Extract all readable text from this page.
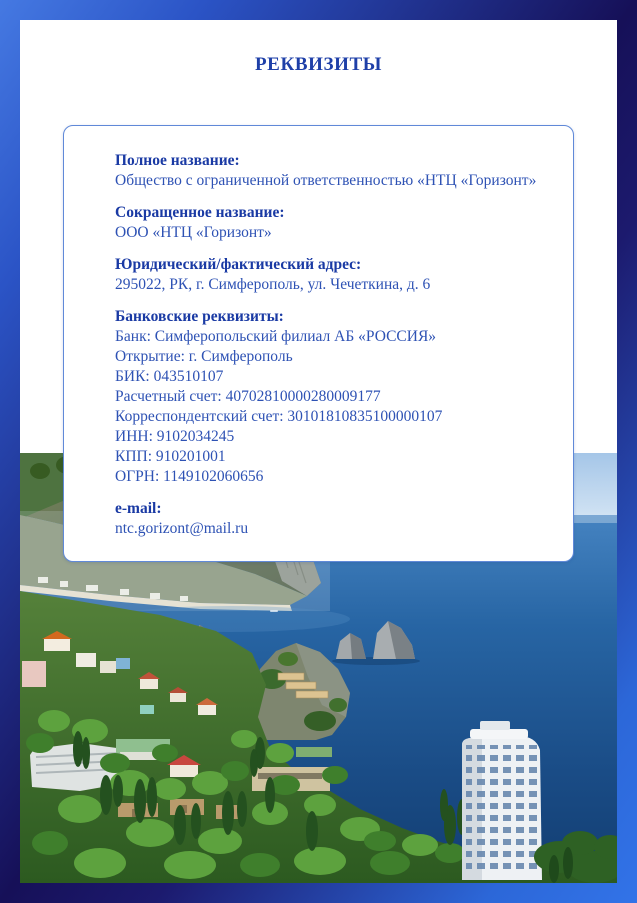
РЕКВИЗИТЫ
Полное название:
Общество с ограниченной ответственностью «НТЦ «Горизонт»
Сокращенное название:
ООО «НТЦ «Горизонт»
Юридический/фактический адрес:
295022, РК, г. Симферополь, ул. Чечеткина, д. 6
Банковские реквизиты:
Банк: Симферопольский филиал АБ «РОССИЯ»
Открытие: г. Симферополь
БИК: 043510107
Расчетный счет: 40702810000280009177
Корреспондентский счет: 30101810835100000107
ИНН: 9102034245
КПП: 910201001
ОГРН: 1149102060656
e-mail:
ntc.gorizont@mail.ru
